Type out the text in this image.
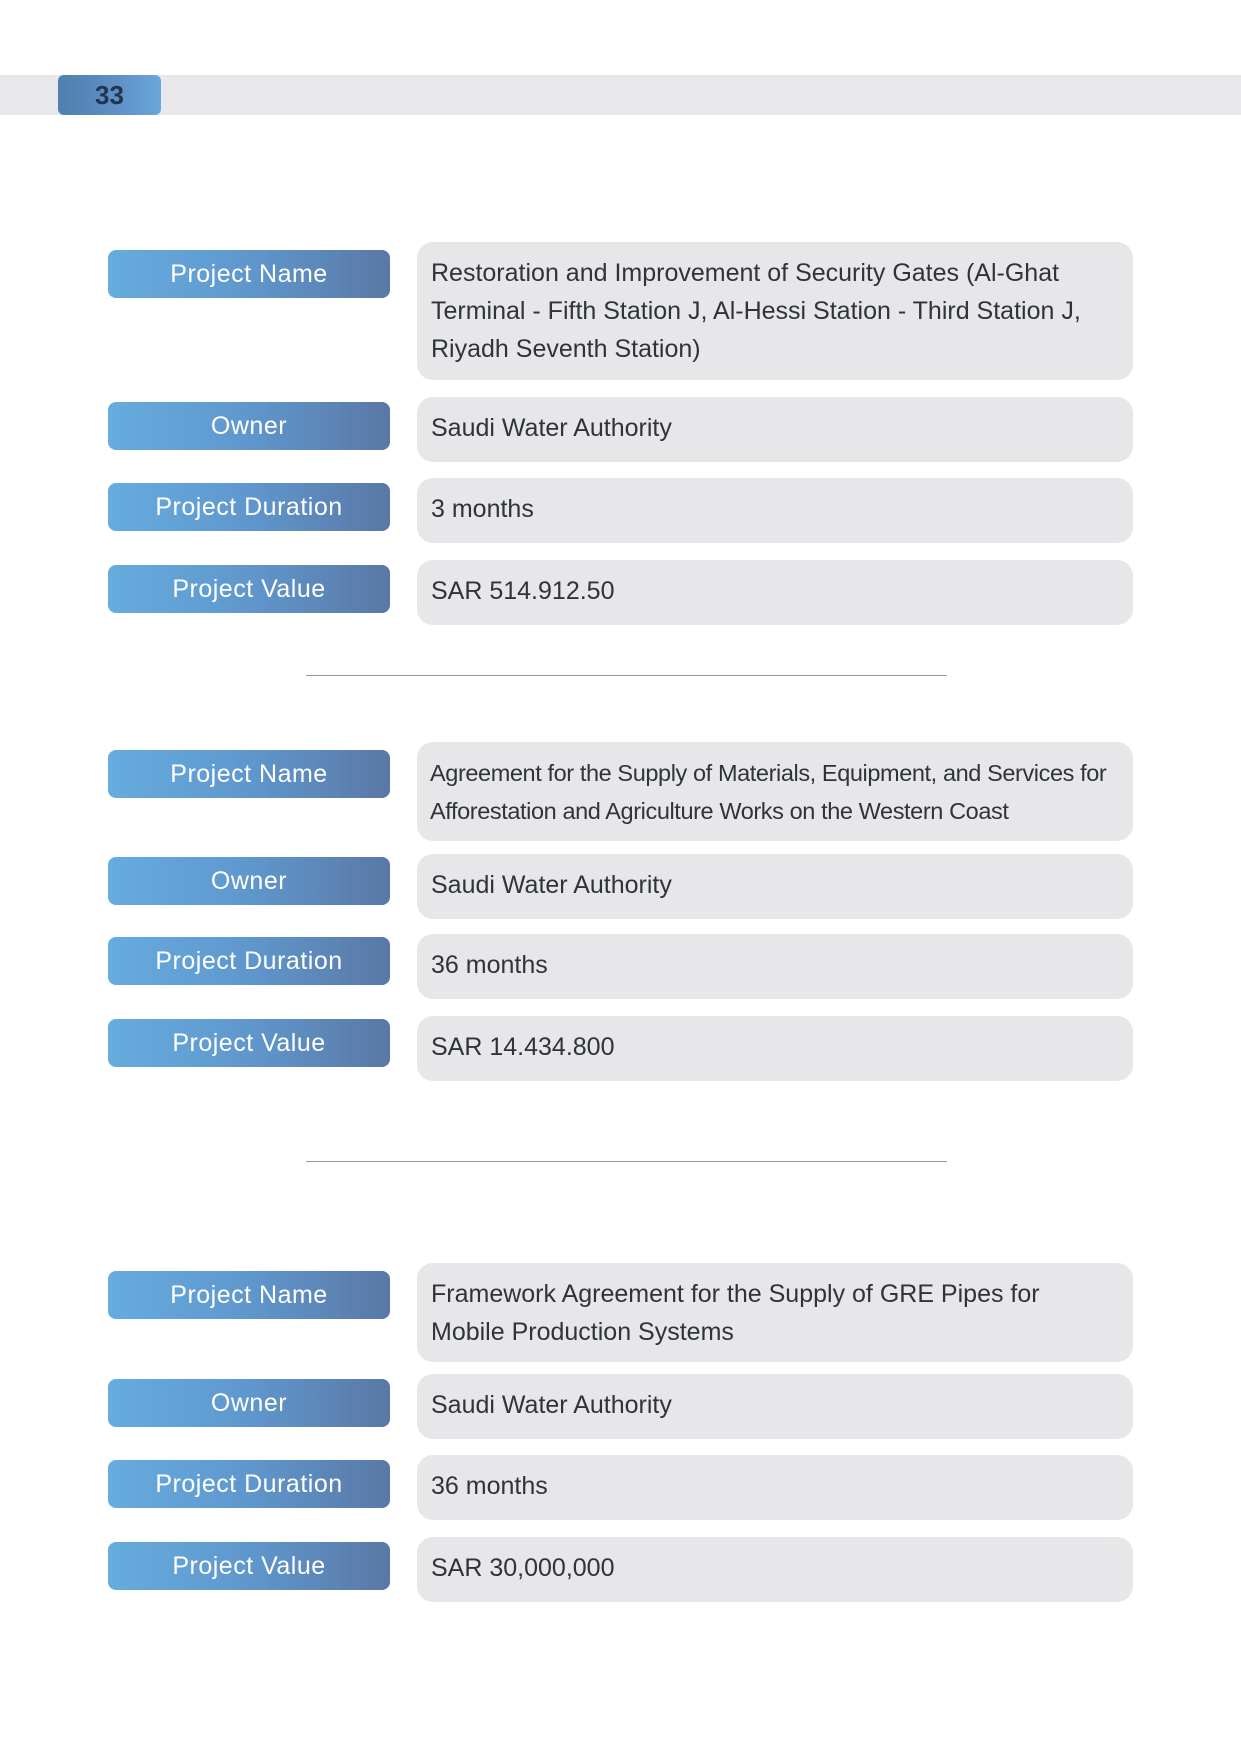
33
Project Name	Restoration and Improvement of Security Gates (Al-Ghat Terminal - Fifth Station J, Al-Hessi Station - Third Station J, Riyadh Seventh Station)
Owner	Saudi Water Authority
Project Duration	3 months
Project Value	SAR 514.912.50
Project Name	Agreement for the Supply of Materials, Equipment, and Services for Afforestation and Agriculture Works on the Western Coast
Owner	Saudi Water Authority
Project Duration	36 months
Project Value	SAR 14.434.800
Project Name	Framework Agreement for the Supply of GRE Pipes for Mobile Production Systems
Owner	Saudi Water Authority
Project Duration	36 months
Project Value	SAR 30,000,000
